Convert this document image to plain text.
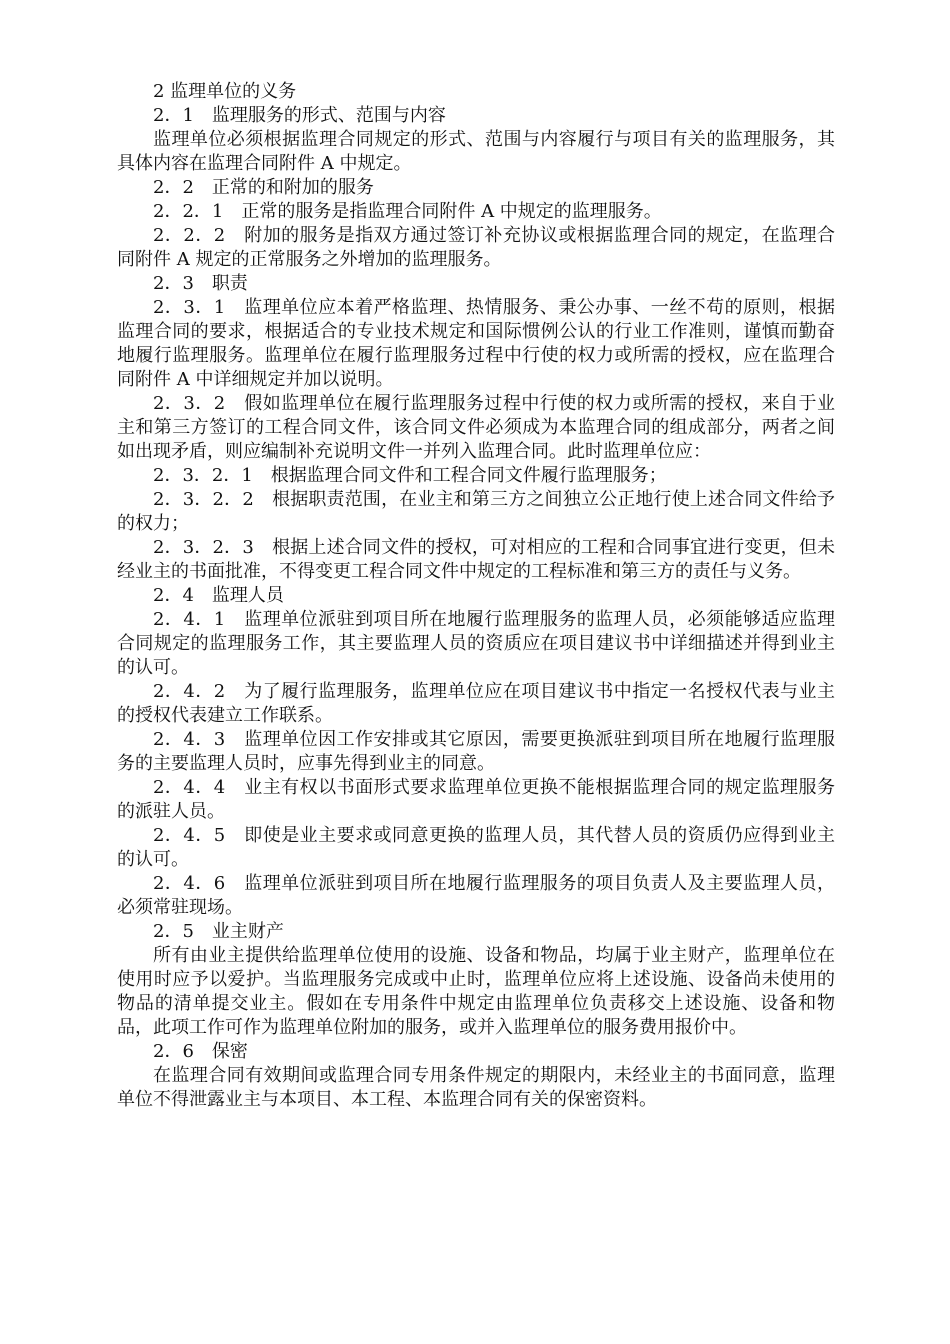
2 监理单位的义务

2．1　监理服务的形式、范围与内容

监理单位必须根据监理合同规定的形式、范围与内容履行与项目有关的监理服务，其具体内容在监理合同附件 A 中规定。

2．2　正常的和附加的服务

2．2．1　正常的服务是指监理合同附件 A 中规定的监理服务。

2．2．2　附加的服务是指双方通过签订补充协议或根据监理合同的规定，在监理合同附件 A 规定的正常服务之外增加的监理服务。

2．3　职责

2．3．1　监理单位应本着严格监理、热情服务、秉公办事、一丝不苟的原则，根据监理合同的要求，根据适合的专业技术规定和国际惯例公认的行业工作准则，谨慎而勤奋地履行监理服务。监理单位在履行监理服务过程中行使的权力或所需的授权，应在监理合同附件 A 中详细规定并加以说明。

2．3．2　假如监理单位在履行监理服务过程中行使的权力或所需的授权，来自于业主和第三方签订的工程合同文件，该合同文件必须成为本监理合同的组成部分，两者之间如出现矛盾，则应编制补充说明文件一并列入监理合同。此时监理单位应：

2．3．2．1　根据监理合同文件和工程合同文件履行监理服务；

2．3．2．2　根据职责范围，在业主和第三方之间独立公正地行使上述合同文件给予的权力；

2．3．2．3　根据上述合同文件的授权，可对相应的工程和合同事宜进行变更，但未经业主的书面批准，不得变更工程合同文件中规定的工程标准和第三方的责任与义务。

2．4　监理人员

2．4．1　监理单位派驻到项目所在地履行监理服务的监理人员，必须能够适应监理合同规定的监理服务工作，其主要监理人员的资质应在项目建议书中详细描述并得到业主的认可。

2．4．2　为了履行监理服务，监理单位应在项目建议书中指定一名授权代表与业主的授权代表建立工作联系。

2．4．3　监理单位因工作安排或其它原因，需要更换派驻到项目所在地履行监理服务的主要监理人员时，应事先得到业主的同意。

2．4．4　业主有权以书面形式要求监理单位更换不能根据监理合同的规定监理服务的派驻人员。

2．4．5　即使是业主要求或同意更换的监理人员，其代替人员的资质仍应得到业主的认可。

2．4．6　监理单位派驻到项目所在地履行监理服务的项目负责人及主要监理人员，必须常驻现场。

2．5　业主财产

所有由业主提供给监理单位使用的设施、设备和物品，均属于业主财产，监理单位在使用时应予以爱护。当监理服务完成或中止时，监理单位应将上述设施、设备尚未使用的物品的清单提交业主。假如在专用条件中规定由监理单位负责移交上述设施、设备和物品，此项工作可作为监理单位附加的服务，或并入监理单位的服务费用报价中。

2．6　保密

在监理合同有效期间或监理合同专用条件规定的期限内，未经业主的书面同意，监理单位不得泄露业主与本项目、本工程、本监理合同有关的保密资料。
